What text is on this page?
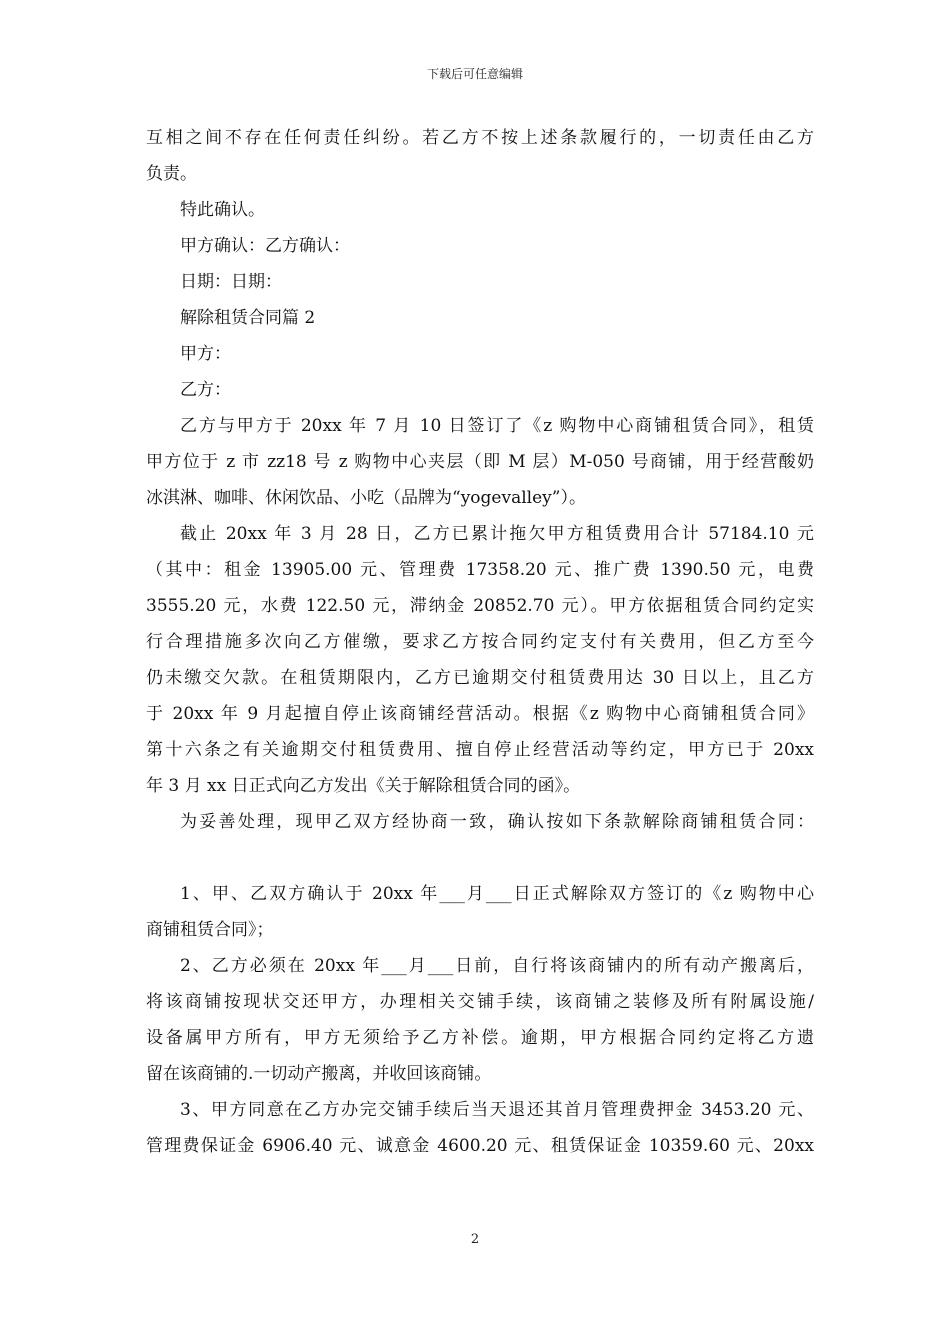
下载后可任意编辑
互相之间不存在任何责任纠纷。若乙方不按上述条款履行的，一切责任由乙方
负责。
特此确认。
甲方确认：乙方确认：
日期：日期：
解除租赁合同篇 2
甲方：
乙方：
乙方与甲方于 20xx 年 7 月 10 日签订了《z 购物中心商铺租赁合同》，租赁
甲方位于 z 市 zz18 号 z 购物中心夹层（即 M 层）M-050 号商铺，用于经营酸奶
冰淇淋、咖啡、休闲饮品、小吃（品牌为“yogevalley”）。
截止 20xx 年 3 月 28 日，乙方已累计拖欠甲方租赁费用合计 57184.10 元
（其中：租金 13905.00 元、管理费 17358.20 元、推广费 1390.50 元，电费
3555.20 元，水费 122.50 元，滞纳金 20852.70 元）。甲方依据租赁合同约定实
行合理措施多次向乙方催缴，要求乙方按合同约定支付有关费用，但乙方至今
仍未缴交欠款。在租赁期限内，乙方已逾期交付租赁费用达 30 日以上，且乙方
于 20xx 年 9 月起擅自停止该商铺经营活动。根据《z 购物中心商铺租赁合同》
第十六条之有关逾期交付租赁费用、擅自停止经营活动等约定，甲方已于 20xx
年 3 月 xx 日正式向乙方发出《关于解除租赁合同的函》。
为妥善处理，现甲乙双方经协商一致，确认按如下条款解除商铺租赁合同：
1、甲、乙双方确认于 20xx 年___月___日正式解除双方签订的《z 购物中心
商铺租赁合同》；
2、乙方必须在 20xx 年___月___日前，自行将该商铺内的所有动产搬离后，
将该商铺按现状交还甲方，办理相关交铺手续，该商铺之装修及所有附属设施/
设备属甲方所有，甲方无须给予乙方补偿。逾期，甲方根据合同约定将乙方遗
留在该商铺的.一切动产搬离，并收回该商铺。
3、甲方同意在乙方办完交铺手续后当天退还其首月管理费押金 3453.20 元、
管理费保证金 6906.40 元、诚意金 4600.20 元、租赁保证金 10359.60 元、20xx
2
